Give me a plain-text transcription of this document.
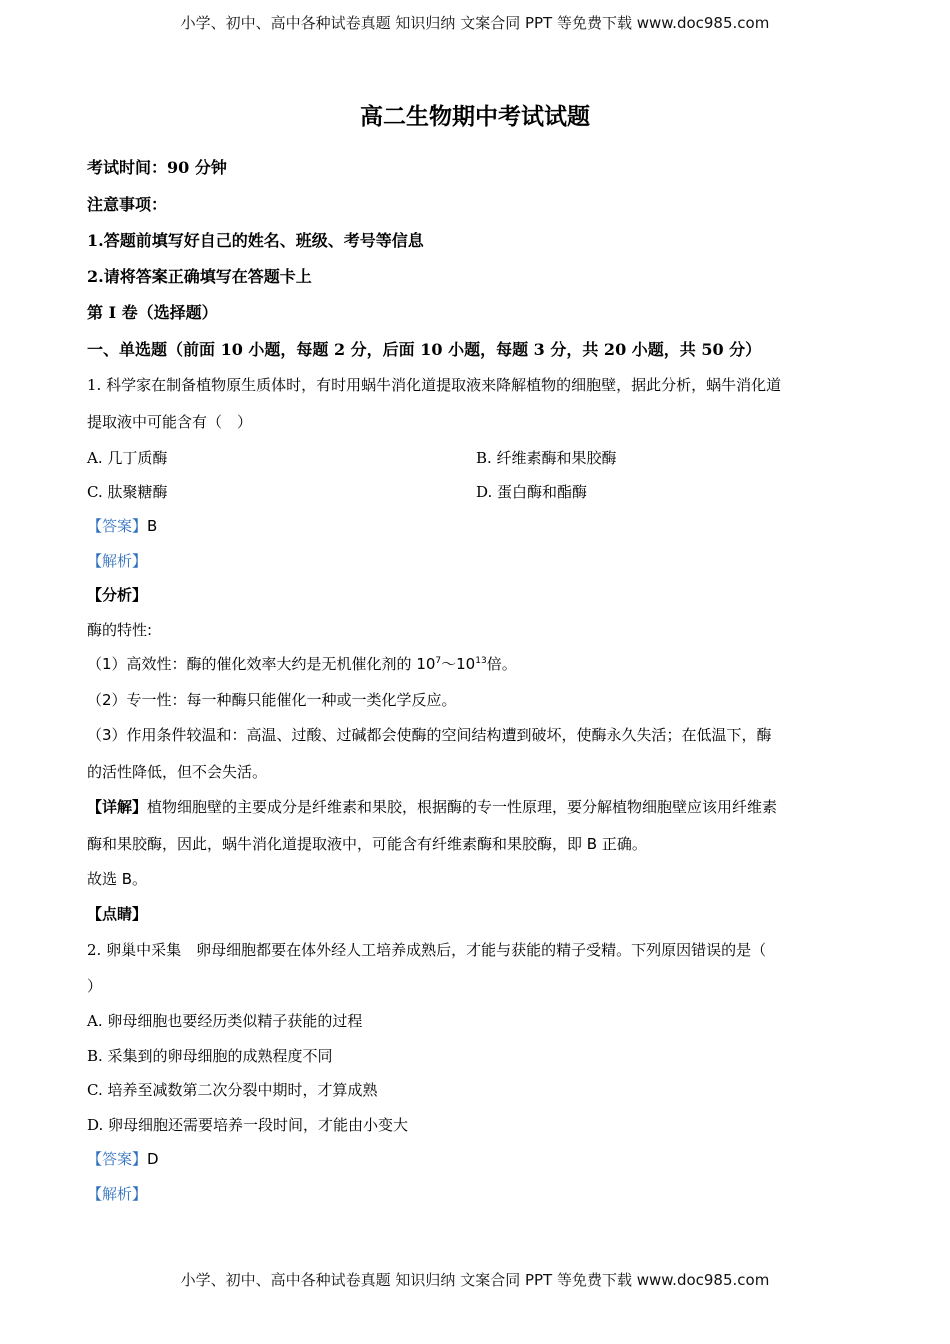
小学、初中、高中各种试卷真题 知识归纳 文案合同 PPT 等免费下载 www.doc985.com
高二生物期中考试试题
考试时间：90 分钟
注意事项：
1.答题前填写好自己的姓名、班级、考号等信息
2.请将答案正确填写在答题卡上
第 I 卷（选择题）
一、单选题（前面 10 小题，每题 2 分，后面 10 小题，每题 3 分，共 20 小题，共 50 分）
1. 科学家在制备植物原生质体时，有时用蜗牛消化道提取液来降解植物的细胞壁，据此分析，蜗牛消化道
提取液中可能含有（　）
A. 几丁质酶	B. 纤维素酶和果胶酶
C. 肽聚糖酶	D. 蛋白酶和酯酶
【答案】B
【解析】
【分析】
酶的特性:
（1）高效性：酶的催化效率大约是无机催化剂的 $10^7\sim 10^{13}$倍。
（2）专一性：每一种酶只能催化一种或一类化学反应。
（3）作用条件较温和：高温、过酸、过碱都会使酶的空间结构遭到破坏，使酶永久失活；在低温下，酶
的活性降低，但不会失活。
【详解】植物细胞壁的主要成分是纤维素和果胶，根据酶的专一性原理，要分解植物细胞壁应该用纤维素
酶和果胶酶，因此，蜗牛消化道提取液中，可能含有纤维素酶和果胶酶，即 B 正确。
故选 B。
【点睛】
2. 卵巢中采集　卵母细胞都要在体外经人工培养成熟后，才能与获能的精子受精。下列原因错误的是（
）
A. 卵母细胞也要经历类似精子获能的过程
B. 采集到的卵母细胞的成熟程度不同
C. 培养至减数第二次分裂中期时，才算成熟
D. 卵母细胞还需要培养一段时间，才能由小变大
【答案】D
【解析】
小学、初中、高中各种试卷真题 知识归纳 文案合同 PPT 等免费下载 www.doc985.com
